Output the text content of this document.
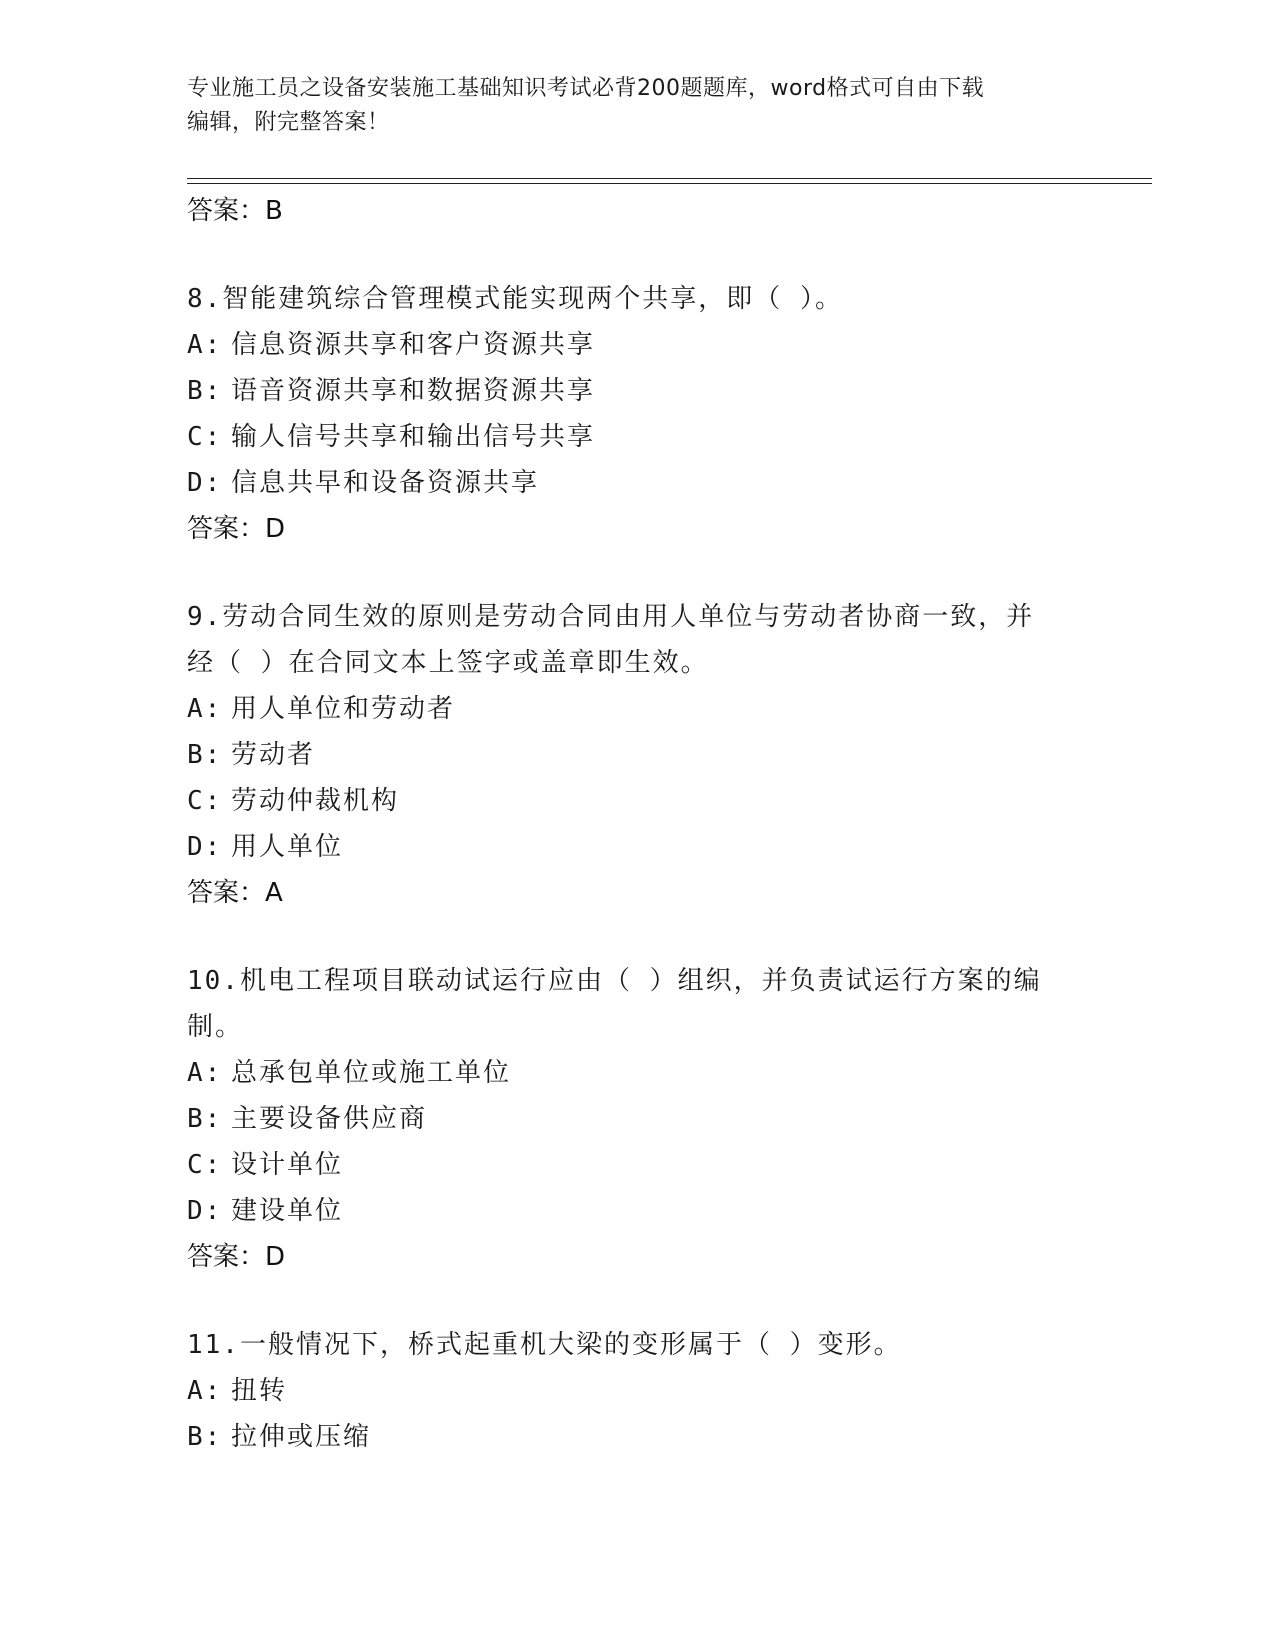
专业施工员之设备安装施工基础知识考试必背200题题库，word格式可自由下载
编辑，附完整答案！
答案：B
8.智能建筑综合管理模式能实现两个共享，即（ ）。
A: 信息资源共享和客户资源共享
B: 语音资源共享和数据资源共享
C: 输人信号共享和输出信号共享
D: 信息共早和设备资源共享
答案：D
9.劳动合同生效的原则是劳动合同由用人单位与劳动者协商一致，并
经（ ）在合同文本上签字或盖章即生效。
A: 用人单位和劳动者
B: 劳动者
C: 劳动仲裁机构
D: 用人单位
答案：A
10.机电工程项目联动试运行应由（ ）组织，并负责试运行方案的编
制。
A: 总承包单位或施工单位
B: 主要设备供应商
C: 设计单位
D: 建设单位
答案：D
11.一般情况下，桥式起重机大梁的变形属于（ ）变形。
A: 扭转
B: 拉伸或压缩
